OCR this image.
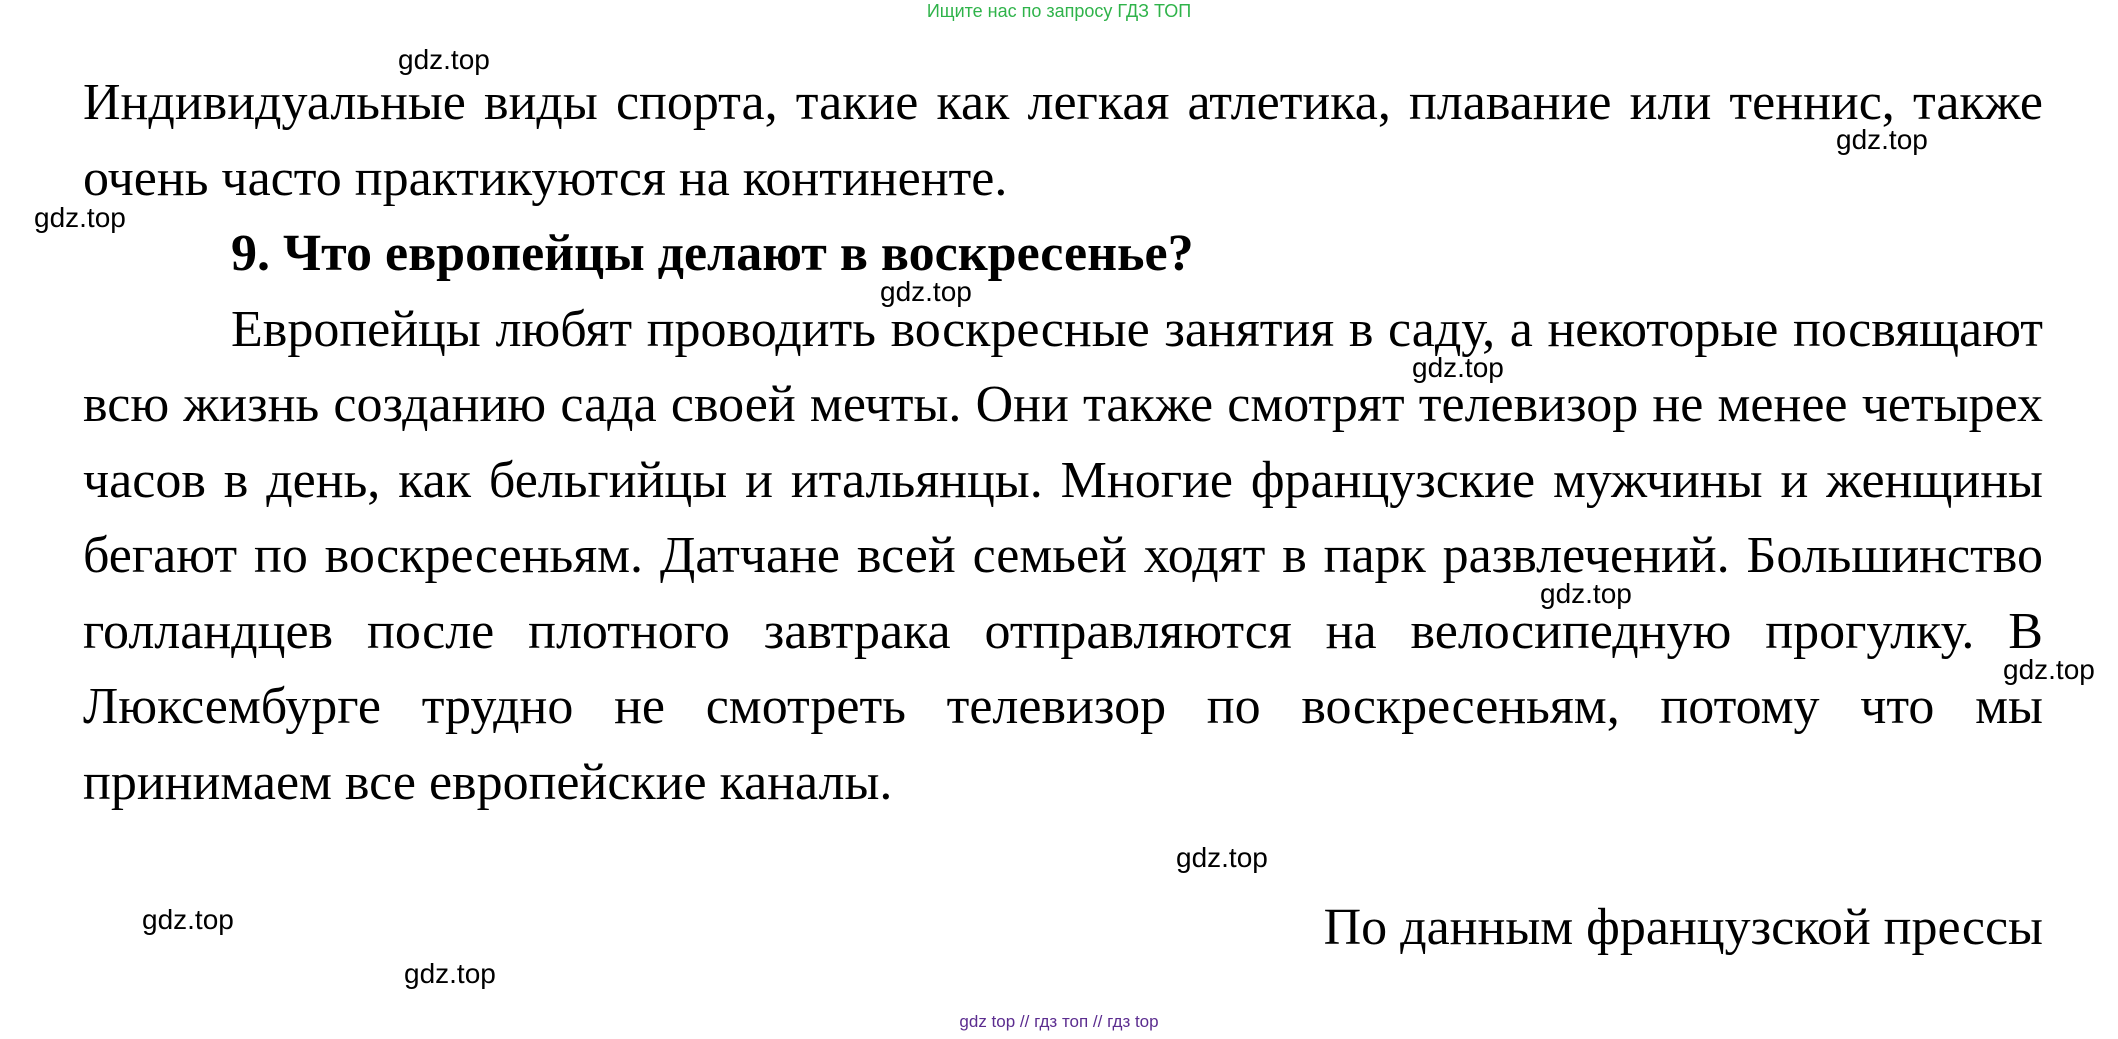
Ищите нас по запросу ГДЗ ТОП

Индивидуальные виды спорта, такие как легкая атлетика, плавание или теннис, также очень часто практикуются на континенте.

9. Что европейцы делают в воскресенье?

Европейцы любят проводить воскресные занятия в саду, а некоторые посвящают всю жизнь созданию сада своей мечты. Они также смотрят телевизор не менее четырех часов в день, как бельгийцы и итальянцы. Многие французские мужчины и женщины бегают по воскресеньям. Датчане всей семьей ходят в парк развлечений. Большинство голландцев после плотного завтрака отправляются на велосипедную прогулку. В Люксембурге трудно не смотреть телевизор по воскресеньям, потому что мы принимаем все европейские каналы.

По данным французской прессы
gdz.top
gdz.top
gdz.top
gdz.top
gdz.top
gdz.top
gdz.top
gdz.top
gdz.top
gdz.top
gdz top // гдз топ // гдз top
